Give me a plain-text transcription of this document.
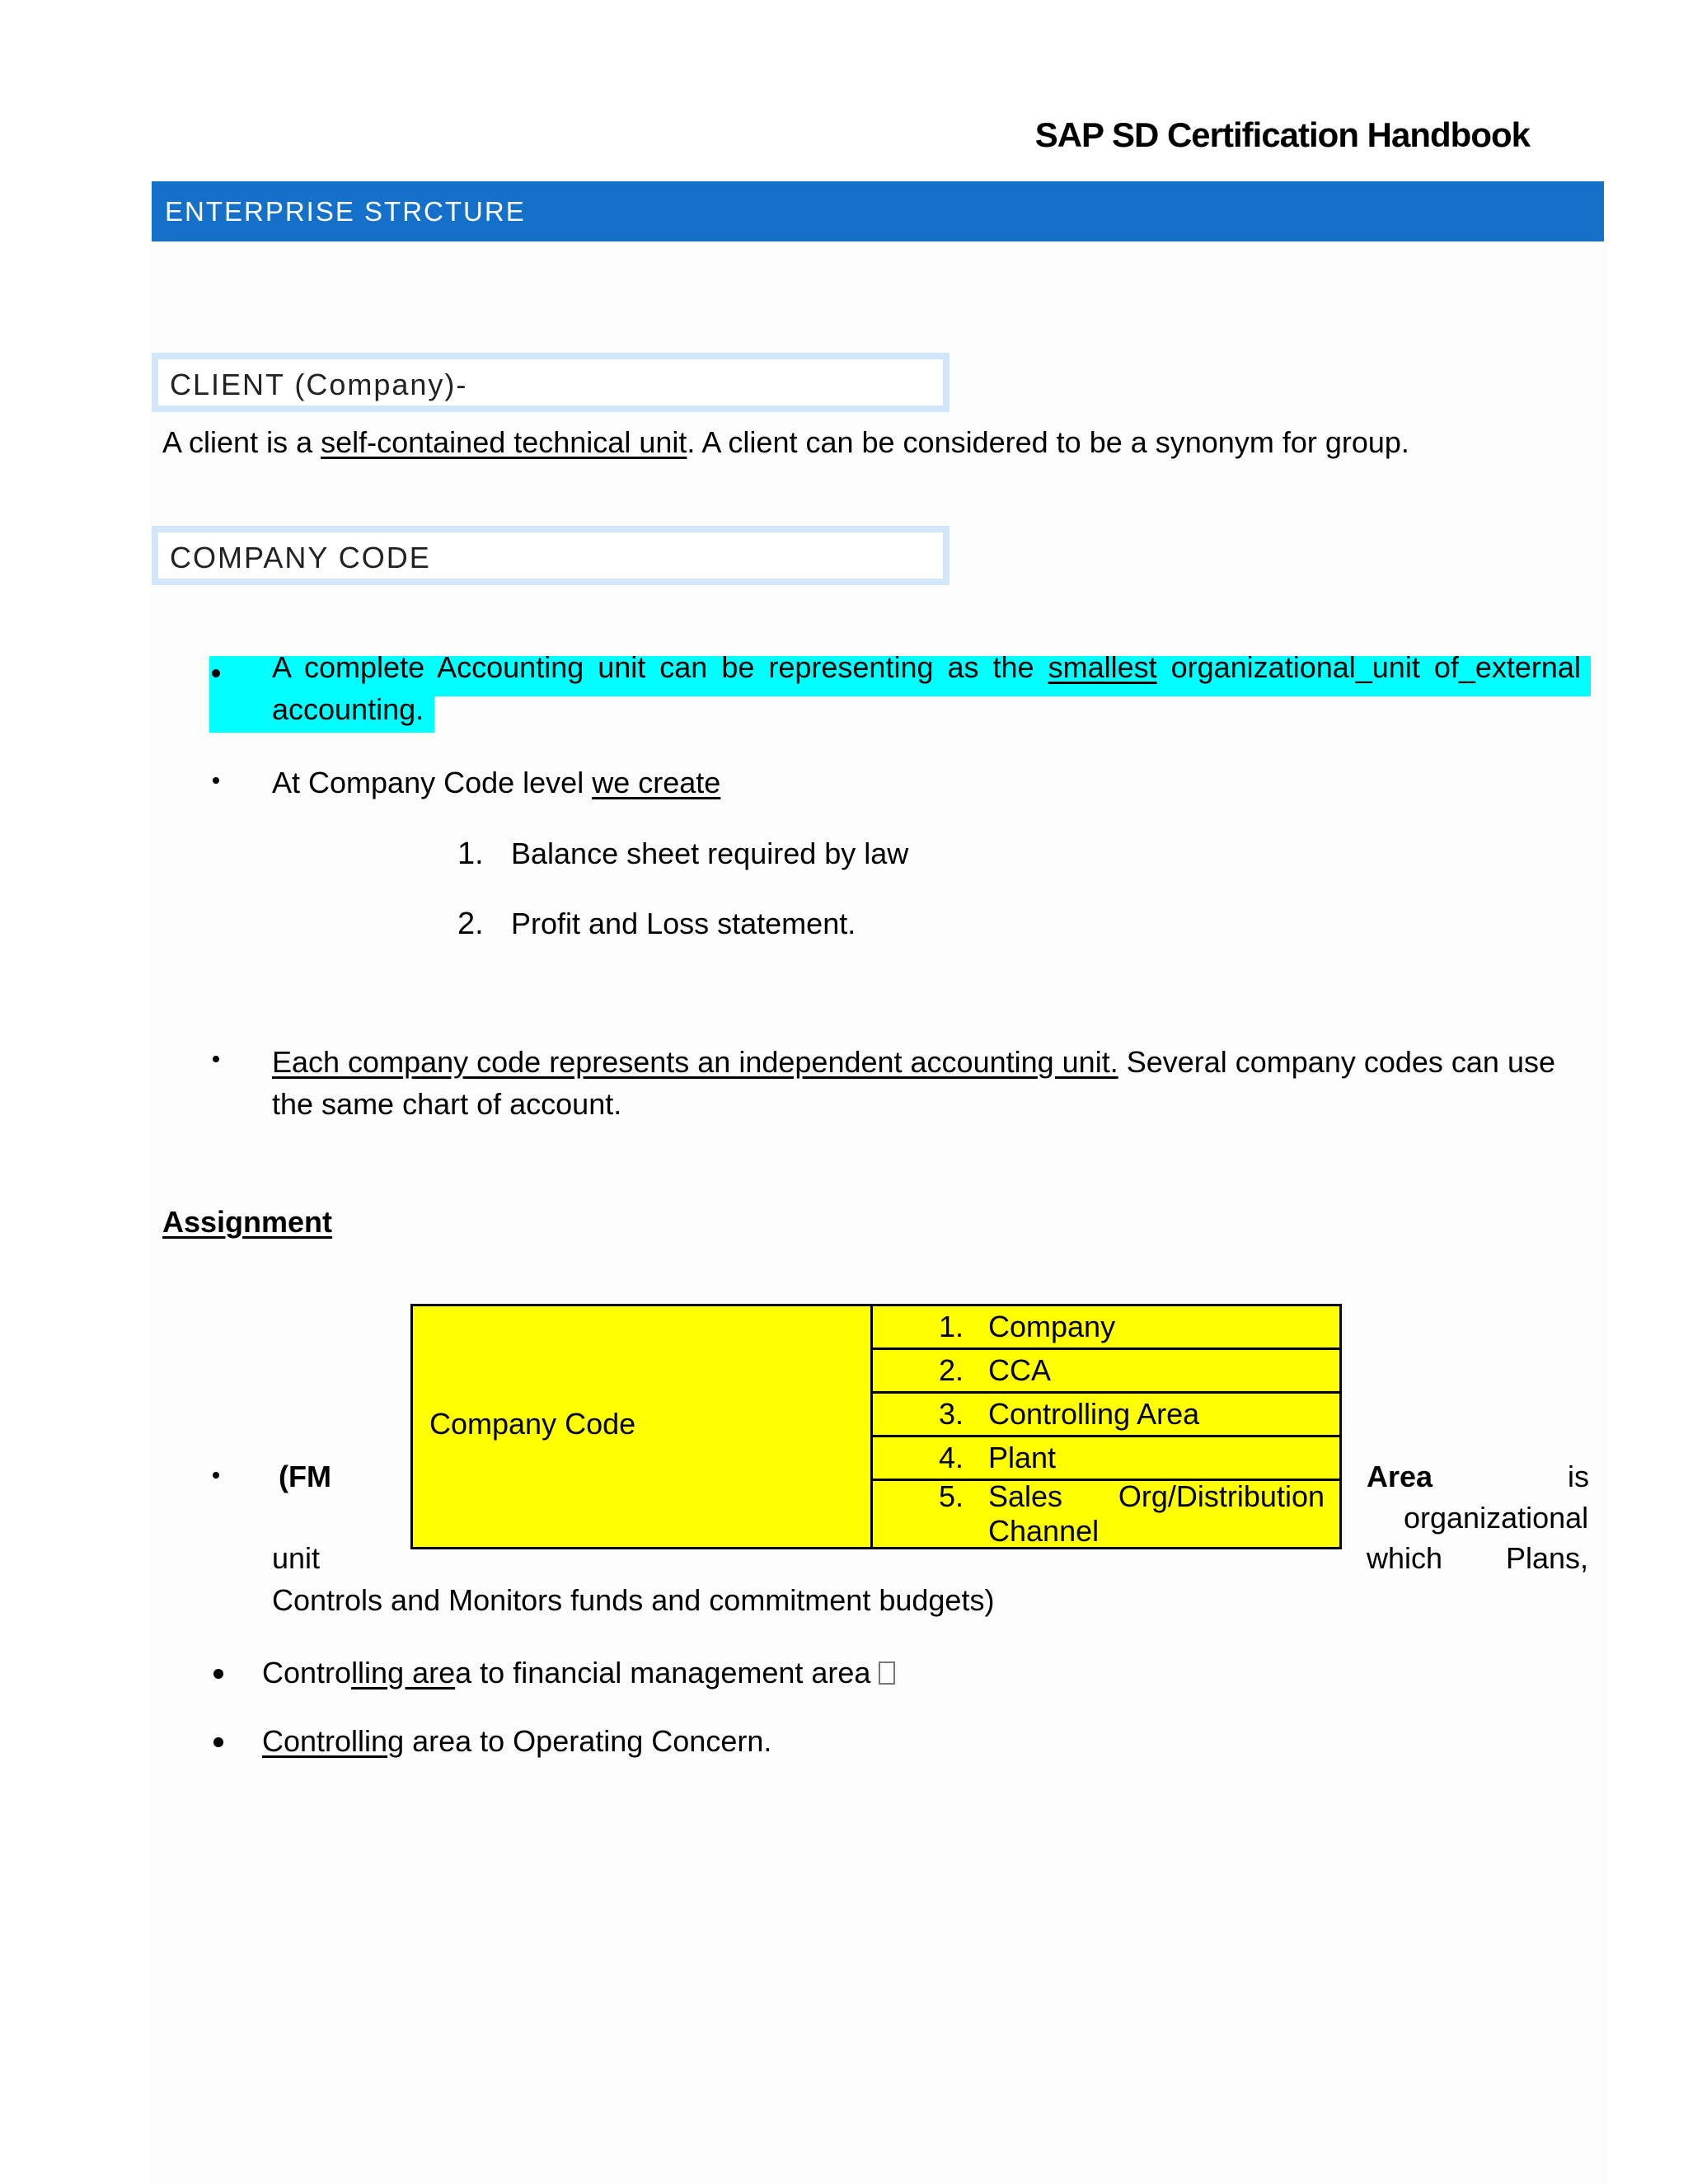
SAP SD Certification Handbook
ENTERPRISE STRCTURE
CLIENT (Company)-
A client is a self-contained technical unit. A client can be considered to be a synonym for group.
COMPANY CODE
A complete Accounting unit can be representing as the smallest organizational_unit of_external
accounting.
At Company Code level we create
1. Balance sheet required by law
2. Profit and Loss statement.
Each company code represents an independent accounting unit. Several company codes can use
the same chart of account.
Assignment
Company Code
1. Company
2. CCA
3. Controlling Area
4. Plant
5. Sales Org/Distribution
Channel
(FM	Area	is
organizational
unit	which Plans,
Controls and Monitors funds and commitment budgets)
Controlling area to financial management area
Controlling area to Operating Concern.
